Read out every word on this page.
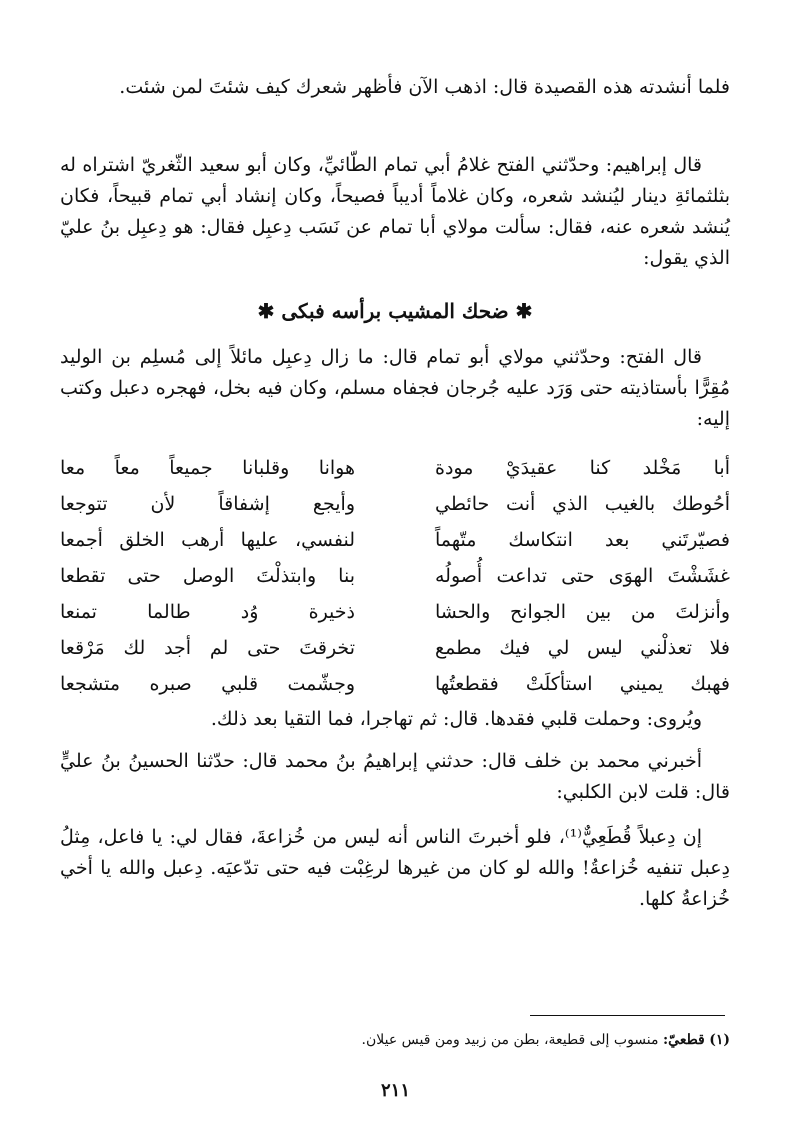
فلما أنشدته هذه القصيدة قال: اذهب الآن فأظهر شعرك كيف شئتَ لمن شئت.
قال إبراهيم: وحدّثني الفتح غلامُ أبي تمام الطّائيِّ، وكان أبو سعيد الثّغريّ اشتراه له بثلثمائةِ دينار ليُنشد شعره، وكان غلاماً أديباً فصيحاً، وكان إنشاد أبي تمام قبيحاً، فكان يُنشد شعره عنه، فقال: سألت مولاي أبا تمام عن نَسَب دِعبِل فقال: هو دِعبِل بنُ عليّ الذي يقول:
✱ ضحك المشيب برأسه فبكى ✱
قال الفتح: وحدّثني مولاي أبو تمام قال: ما زال دِعبِل مائلاً إلى مُسلِم بن الوليد مُقِرًّا بأستاذيته حتى وَرَد عليه جُرجان فجفاه مسلم، وكان فيه بخل، فهجره دعبل وكتب إليه:
أبا مَخْلد كنا عقيدَيْ مودة
هوانا وقلبانا جميعاً معاً معا
أحُوطك بالغيب الذي أنت حائطي
وأيجع إشفاقاً لأن تتوجعا
فصيّرتَني بعد انتكاسك متّهماً
لنفسي، عليها أرهب الخلق أجمعا
غشَشْتَ الهوَى حتى تداعت أُصولُه
بنا وابتذلْتَ الوصل حتى تقطعا
وأنزلتَ من بين الجوانح والحشا
ذخيرة وُد طالما تمنعا
فلا تعذلْني ليس لي فيك مطمع
تخرقتَ حتى لم أجد لك مَرْقعا
فهبك يميني استأكلَتْ فقطعتُها
وجشّمت قلبي صبره متشجعا
ويُروى: وحملت قلبي فقدها. قال: ثم تهاجرا، فما التقيا بعد ذلك.
أخبرني محمد بن خلف قال: حدثني إبراهيمُ بنُ محمد قال: حدّثنا الحسينُ بنُ عليٍّ قال: قلت لابن الكلبي:
إن دِعبلاً قُطَعِيٌّ⁽¹⁾، فلو أخبرتَ الناس أنه ليس من خُزاعةَ، فقال لي: يا فاعل، مِثلُ دِعبل تنفيه خُزاعةُ! والله لو كان من غيرها لرغِبْت فيه حتى تدّعيَه. دِعبل والله يا أخي خُزاعةُ كلها.
(١) قطعيّ: منسوب إلى قطيعة، بطن من زبيد ومن قيس عيلان.
٢١١
